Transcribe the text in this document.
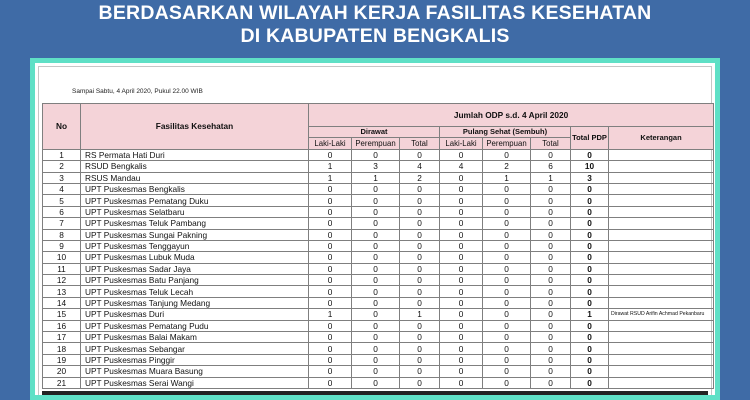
BERDASARKAN WILAYAH KERJA FASILITAS KESEHATAN
DI KABUPATEN BENGKALIS
Sampai Sabtu, 4 April 2020, Pukul 22.00 WIB
No	Fasilitas Kesehatan	Jumlah ODP s.d. 4 April 2020							
		Dirawat			Pulang Sehat (Sembuh)			Total PDP	Keterangan
		Laki-Laki	Perempuan	Total	Laki-Laki	Perempuan	Total		
1	RS Permata Hati Duri	0	0	0	0	0	0	0	
2	RSUD Bengkalis	1	3	4	4	2	6	10	
3	RSUS Mandau	1	1	2	0	1	1	3	
4	UPT Puskesmas Bengkalis	0	0	0	0	0	0	0	
5	UPT Puskesmas Pematang Duku	0	0	0	0	0	0	0	
6	UPT Puskesmas Selatbaru	0	0	0	0	0	0	0	
7	UPT Puskesmas Teluk Pambang	0	0	0	0	0	0	0	
8	UPT Puskesmas Sungai Pakning	0	0	0	0	0	0	0	
9	UPT Puskesmas Tenggayun	0	0	0	0	0	0	0	
10	UPT Puskesmas Lubuk Muda	0	0	0	0	0	0	0	
11	UPT Puskesmas Sadar Jaya	0	0	0	0	0	0	0	
12	UPT Puskesmas Batu Panjang	0	0	0	0	0	0	0	
13	UPT Puskesmas Teluk Lecah	0	0	0	0	0	0	0	
14	UPT Puskesmas Tanjung Medang	0	0	0	0	0	0	0	
15	UPT Puskesmas Duri	1	0	1	0	0	0	1	Dirawat RSUD Arifin Achmad Pekanbaru
16	UPT Puskesmas Pematang Pudu	0	0	0	0	0	0	0	
17	UPT Puskesmas Balai Makam	0	0	0	0	0	0	0	
18	UPT Puskesmas Sebangar	0	0	0	0	0	0	0	
19	UPT Puskesmas Pinggir	0	0	0	0	0	0	0	
20	UPT Puskesmas Muara Basung	0	0	0	0	0	0	0	
21	UPT Puskesmas Serai Wangi	0	0	0	0	0	0	0	
